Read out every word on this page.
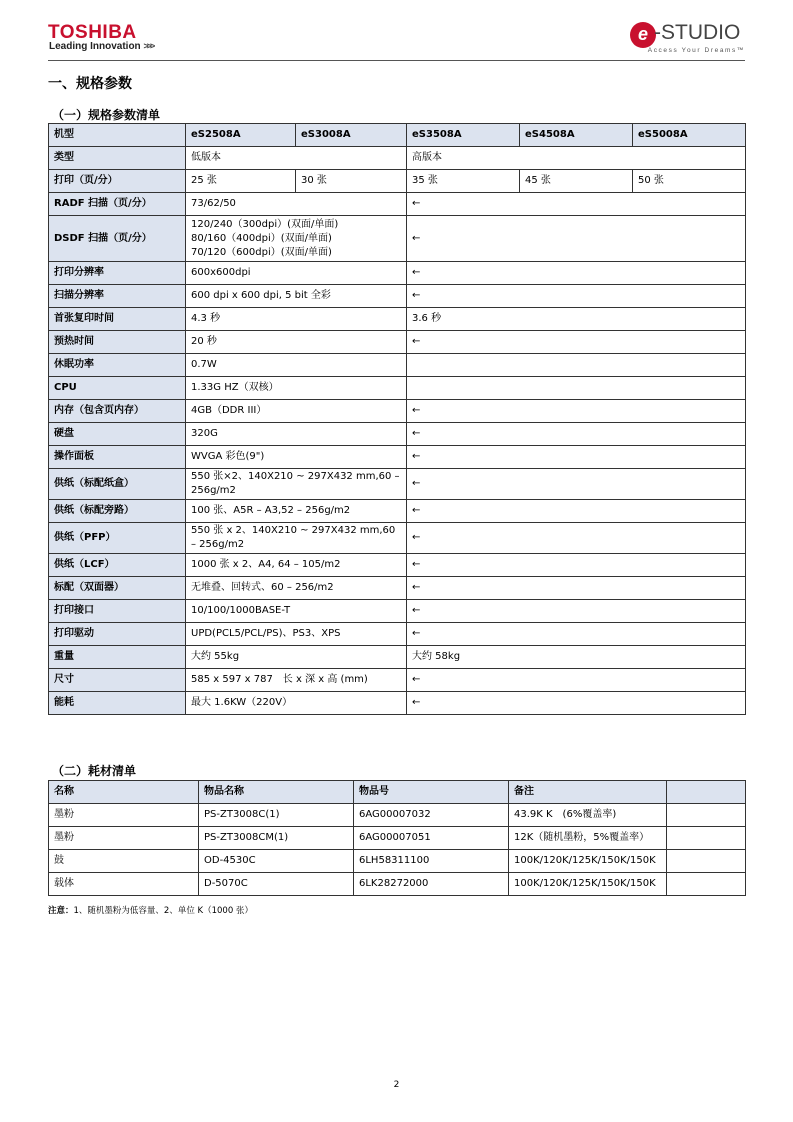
TOSHIBA
Leading Innovation >>>
e -STUDIO
Access Your Dreams™
一、规格参数
（一）规格参数清单
机型	eS2508A	eS3008A	eS3508A	eS4508A	eS5008A
类型	低版本		高版本		
打印（页/分）	25 张	30 张	35 张	45 张	50 张
RADF 扫描（页/分）	73/62/50		←		
DSDF 扫描（页/分）	120/240（300dpi）(双面/单面)
80/160（400dpi）(双面/单面)
70/120（600dpi）(双面/单面)		←		
打印分辨率	600x600dpi		←		
扫描分辨率	600 dpi x 600 dpi, 5 bit 全彩		←		
首张复印时间	4.3 秒		3.6 秒		
预热时间	20 秒		←		
休眠功率	0.7W				
CPU	1.33G HZ（双核）				
内存（包含页内存）	4GB（DDR III）		←		
硬盘	320G		←		
操作面板	WVGA 彩色(9")		←		
供纸（标配纸盒）	550 张×2、140X210 ~ 297X432 mm,60 – 256g/m2		←		
供纸（标配旁路）	100 张、A5R – A3,52 – 256g/m2		←		
供纸（PFP）	550 张 x 2、140X210 ~ 297X432 mm,60 – 256g/m2		←		
供纸（LCF）	1000 张 x 2、A4, 64 – 105/m2		←		
标配（双面器）	无堆叠、回转式、60 – 256/m2		←		
打印接口	10/100/1000BASE-T		←		
打印驱动	UPD(PCL5/PCL/PS)、PS3、XPS		←		
重量	大约 55kg		大约 58kg		
尺寸	585 x 597 x 787　长 x 深 x 高 (mm)		←		
能耗	最大 1.6KW（220V）		←		
（二）耗材清单
名称	物品名称	物品号	备注	
墨粉	PS-ZT3008C(1)	6AG00007032	43.9K K　(6%覆盖率)	
墨粉	PS-ZT3008CM(1)	6AG00007051	12K（随机墨粉，5%覆盖率）	
鼓	OD-4530C	6LH58311100	100K/120K/125K/150K/150K	
载体	D-5070C	6LK28272000	100K/120K/125K/150K/150K	
注意：1、随机墨粉为低容量、2、单位 K（1000 张）
2
